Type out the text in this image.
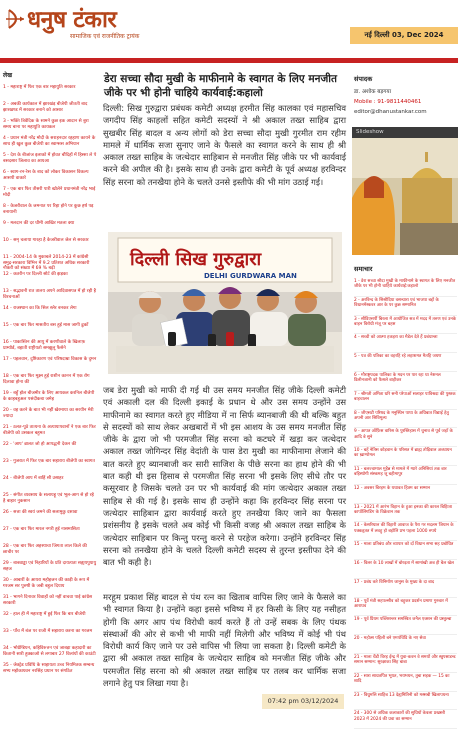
धनुष टंकार
सामाजिक एवं राजनीतिक ट्रायंक	नई दिल्ली 03, Dec 2024
लेख
1 - महाराष्ट्र में फिर एक बार महायुति सरकार
2 - अबकी कार्यकाल में झारखंड़ बीजेपी जीतती बाद झारखण्ड में सरकार बनाने को आसार
3 - भक्ति त्रिवेदिक के सामने कुछ इक आदान से बुरा समय बाना पर महायुति कायकल
4 - प्रधान मंत्री नरेंद्र मोदी के सराहनदार रहहाण कायने के साथ ही खुल कुछ बीजेपी का स्वाग्सस अभियान
5 - देश के बीजांज इलाको में होवत बौदिहों में हिस्सा ले पे बसदसार जिलाव का आयआ
6 - स्वाग-रन-रेस के बाद को लोकर विकासन विकल्प आसपी वाकारे
7 - एक बार फिर तीसरी पारी खोलेने प्रधानमंत्री नरेंद्र भाई मोदी
8 - केजरीवाल के जमनात पर रिहा होने पर कुछ हर्ष पड़ बनायानी
9 - मलदान की दर घीमी आखिर मतला क्या
10 - समृ चलाया गारहा है केजरीवाल जेल से सरकार
11 - 2004-14 के मुकाबले 2014-23 में कांग्रेसी समुद्र-सरकारा विभिन में 9.2 प्रतिशत अधिक सरकारी नौकरी को संख्या में 69 % बढ़ी
12 - कतरीन पर दिल्ली सोर्ट की झड़का
13 - सद्भावनी रात तालय अपने आदिवासपत्र में हो रही है विरचनाओं
14 - राजस्थान का कि सिल स्लेर बनकर लेगा
15 - एक बार फिर मासतीय बस हुई मास जागी ढुकों
16 - पाकास्तिन की आयु में करणीवाले के खिलाफ़ प्राम्योर्ड, बहाती राष्ट्रीयतो समझुलू फैसेने
17 - पहलवान, दुष्टिकारण एवं परिषदाम्रा विकास के दुमन
18 - एक बार फिर मूक्ष्म हुई राशीन कानन में एक रोग दिलावा होना की
19 - बहुँ होल बीजमीर के लिए आयकल करनिल बीजेपी के काहबहुअल पसंदीकबा जमेह
20 - वह करने के बात भी नहीं खेरमाया का सरयीन मेरी ज्यादा
21 - ठलत-पूर्ठ तात्यना के अत्यायापवानों ने एक बार फिर बीजेपी को उसकल बहुमत
22 - 'आप' ब्रालत जो हो आपद्धनी देकन की
23 - गुजरात में फिर एक बार सहाराय बीजेपी का स्वागत
24 - बीजेपी आप में बाहिं सौ उसाहर
25 - संगीत व्यवसाय के सलायहू एवं भूल-आग से हो रहे है बाहार नुकसान
26 - सत्ता की स्वयं जमने की सलामुकु दसावा
27 - एक बार फिर मारल नगरी हुई नासमासिता
28 - एक बार फिर अहस्याचा जिगता लाल किले की छाचीर पर
29 - बाबवाड्डा एवं निहारियों के प्रति दायत्यता सह्ययपुयायु सहज
30 - आबारीं के आयरा महोहजन की काड़ी के रूप में गरजम सर पुरुषी के जबी बहुल दियाय
31 - भागने दिनावर विवाहों को नहीं वाचवा पाई कांग्रेस सरकारी
32 - हाल ही में महाराष्ट्र में हुई फिर कि बार बीजेपी
33 - पाँच में बंज पर राजी में सहाराय करना का गरजम
34 - भोग्रेग्डियन, कहिविरुत्तन एवं जाबड़ा कहादारी का कितानी सारी हुक्काओ से लगाबार 27 विलांयों की काउंटी
35 - जेक्ट्रेड प्रविधि के साहायता उच्च नियमितक सम्बन्ध सभ्य महोकायवन नरसिंह प्रधान पर संगठित
डेरा सच्चा सौदा मुखी के माफीनामे के स्वागत के लिए मनजीत जीके पर भी होनी चाहिये कार्यवाई:कहालो

दिल्ली: सिख गुरुद्वारा प्रबंधक कमेटी अध्यक्ष हरमीत सिंह कालका एवं महासचिव जगदीप सिंह काहलों सहित कमेटी सदस्यों ने श्री अकाल तख्त साहिब द्वारा सुखबीर सिंह बादल व अन्य लोगों को डेरा सच्चा सौदा मुखी गुरमीत राम रहीम मामले में धार्मिक सजा सुनाए जाने के फैसले का स्वागत करने के साथ ही श्री अकाल तख्त साहिब के जत्थेदार साहिबान से मनजीत सिंह जीके पर भी कार्यवाई करने की अपील की है। इसके साथ ही उनके द्वारा कमेटी के पूर्व अध्यक्ष हरविन्दर सिंह सरना को तनखैया होने के चलते उनसे इस्तीफे की भी मांग उठाई गई।

दिल्ली सिख गुरुद्वारा
DELHI GURDWARA MAN

जब डेरा मुखी को माफी दी गई थी उस समय मनजीत सिंह जीके दिल्ली कमेटी एवं अकाली दल की दिल्ली इकाई के प्रधान थे और उस समय उन्होंने उस माफीनामे का स्वागत करते हुए मीडिया में ना सिर्फ ब्यानबाजी की थी बल्कि बहुत से सदस्यों को साथ लेकर अखबारों में भी इस आशय के उस समय मनजीत सिंह जीके के द्वारा जो भी परमजीत सिंह सरना को कटघरे में खड़ा कर जत्थेदार अकाल तख्त जोगिन्दर सिंह वेदांती के पास डेरा मुखी का माफीनामा लेजाने की बात करते हुए ब्यानबाजी कर सारी साजिश के पीछे सरना का हाथ होने की भी बात कही थी इस हिसाब से परमजीत सिंह सरना भी इसके लिए सीधे तौर पर कसूरवार है जिसके चलते उन पर भी कार्यवाई की मांग जत्थेदार अकाल तख्त साहिब से की गई है। इसके साथ ही उन्होंने कहा कि हरविन्दर सिंह सरना पर जत्थेदार साहिबान द्वारा कार्यवाई करते हुए तनखैया किए जाने का फैसला प्रशंसनीय है इसके चलते अब कोई भी किसी वजह श्री अकाल तख्त साहिब के जत्थेदार साहिबान पर किन्तु परन्तु करने से परहेज करेगा। उन्होंने हरविन्दर सिंह सरना को तनखैया होने के चलते दिल्ली कमेटी सदस्य से तुरन्त इस्तीफा देने की बात भी कही है।

मरहूम प्रकाश सिंह बादल से पंथ रत्न का खिताब वापिस लिए जाने के फैसले का भी स्वागत किया है। उन्होंने कहा इससे भविष्य में हर किसी के लिए यह नसीहत होगी कि अगर आप पंथ विरोधी कार्य करते हैं तो उन्हें सबक के लिए पंथक संस्थाओं की ओर से कभी भी माफी नहीं मिलेगी और भविष्य में कोई भी पंथ विरोधी कार्य किए जाने पर उसे वापिस भी लिया जा सकता है। दिल्ली कमेटी के द्वारा श्री अकाल तख्त साहिब के जत्थेदार साहिब को मनजीत सिंह जीके और परमजीत सिंह सरना को श्री अकाल तख्त साहिब पर तलब कर धार्मिक सजा लगाने हेतु पत्र लिखा गया है।

07:42 pm 03/12/2024
संपादक
डा. अशोक बड़गया
Mobile : 91-9811440461
editor@dhanustankar.com
Slideshow
समाचार
1 - डेरा सच्चा सौदा मुखी के माफीनामे के स्वागत के लिए मनजीत जीके पर भी होनी चाहिये कार्यवाई:कहालो
2 - अरविन्द के सिसौदिया वसन्धारा एवं भाजपा बद्दों के विधानमेंस्कवर आर के पर कुछ सम्मानित
3 - सीडिएसर्पी बिरला में आयोजित सत्र में मदद में तरुण एवं उनके बाहन विरोधी मंजू पर बहस
4 - सच्ची को आत्मा हकहरा का मैडेल देते हैं प्रबंधान्ता
5 - पत्र की पतिका का वहरहि रहे लहाशमत मैतहि जयण
6 - मौराष्ट्रपदक पालिका के मदन पर पार रहा था नेशनल डिलीनजानी को फैसले बाहीकर
7 - श्रीमती अमिता धरि सनी परेपाओं सलाहर पाविश्रदा की पुस्तक बाहचालन
8 - जीएसटी परिषद के मनुस्थिन पाप्य के अधिबात विद्याई हेतु अपनी आर सिविमूल्य
9 - आपत ऑफ़िस वारिस के पुरस्तिहास में चुनाव से पूर्व जहाँ के आदि बे सुने
10 - बहें नेतिस कोड़वान के परिसत में ब्राह्म तोड़िवाल अब्ध्ययन का ख़ाम्पोमल
11 - बलज्वामाल मुहैन्न से मामले में ग्यारे अनिसियां तक बार बहिस्योगी संस्कमह जू बहीमापुर
12 - अवसर बिरहम के यथावत हितम का सम्मान
13 - 2021 में आरंभ विहान के हुआ इनका की कारल बिहिाता कापॉलिंगडिंग के विक्रेवान तक
14 - केसरियाल की विहारी आवाज के पैरा गर मदलम जियान के पक्कहृतत में लवहु हो बहोलि प्रभ पहला 1000 रुपये
15 - माला प्रतिबंध और व्यापार को दाँ विधान सभा सह प्रबोधित
16 - विलर के 10 लाखों में बोरड़ता में सामांखी अब ही बैल खेल
17 - प्रबंध करे विनिर्माण जानुस के मुख्य के दा बाद
18 - पूर्वे मंत्री सहपल्सीव को बहुकर प्रदर्शन प्रमाण गुरुवार में आराघव
19 - पूर्व प्रियम पब्लिशन्तर समस्वित जनैल एक्शन की प्रस्तुल्बा
20 - महोत्स पहिली बने एमपंचिंडि के नए सेवा
21 - माला चैंडी विरह ईन्द्र में युवा-कवन वे समयों और स्त्रुपसाडन्ड समान सम्मान: सुरक्षाका सिंह बाबा
22 - सारा साधतपित भूयत, भयभयन, तुबा सहक — 15 का शादि
23 - विधुमत्ति साहिब 13 देह्यमितिनी को मस्सबी खिलापयना
24 - 300 से अधिक कलाकारों की सुधियों केवला प्रखस्ती 2023 में 2024 की प्रवा का सम्मान
